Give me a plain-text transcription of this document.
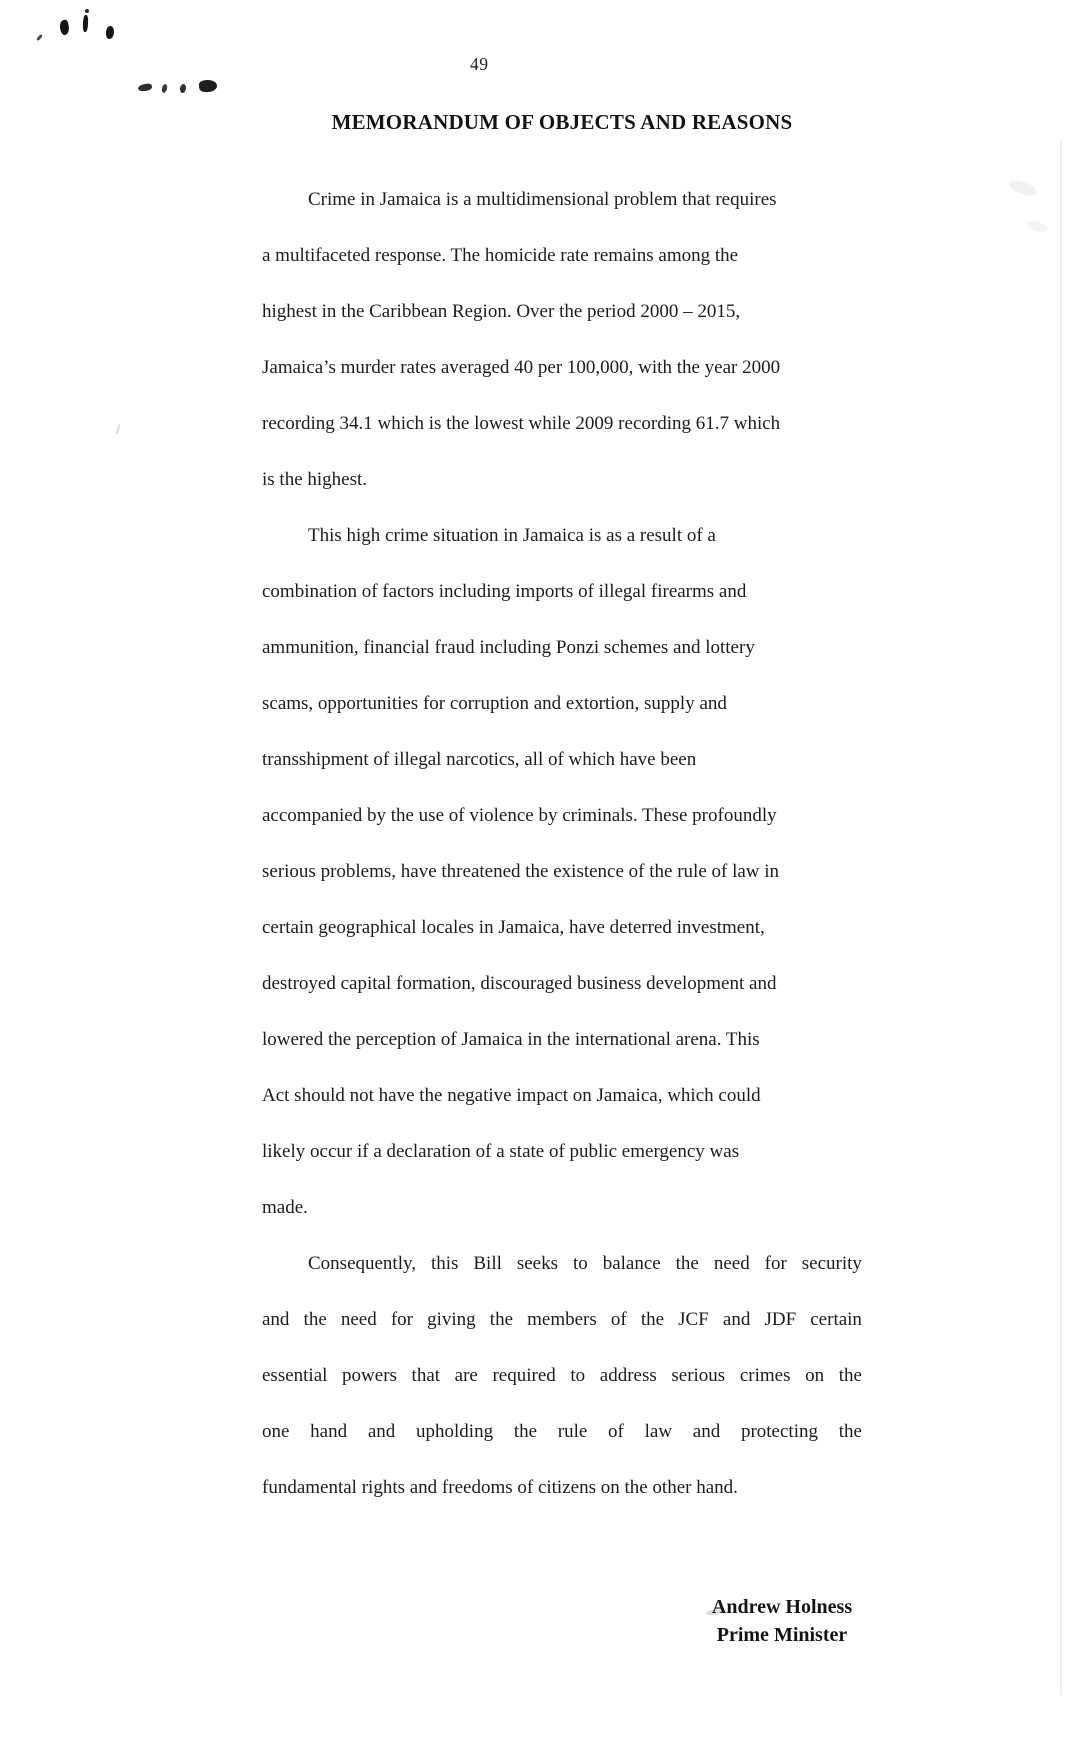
49
MEMORANDUM OF OBJECTS AND REASONS
Crime in Jamaica is a multidimensional problem that requires
a multifaceted response. The homicide rate remains among the
highest in the Caribbean Region. Over the period 2000 – 2015,
Jamaica’s murder rates averaged 40 per 100,000, with the year 2000
recording 34.1 which is the lowest while 2009 recording 61.7 which
is the highest.
This high crime situation in Jamaica is as a result of a
combination of factors including imports of illegal firearms and
ammunition, financial fraud including Ponzi schemes and lottery
scams, opportunities for corruption and extortion, supply and
transshipment of illegal narcotics, all of which have been
accompanied by the use of violence by criminals. These profoundly
serious problems, have threatened the existence of the rule of law in
certain geographical locales in Jamaica, have deterred investment,
destroyed capital formation, discouraged business development and
lowered the perception of Jamaica in the international arena. This
Act should not have the negative impact on Jamaica, which could
likely occur if a declaration of a state of public emergency was
made.
Consequently, this Bill seeks to balance the need for security
and the need for giving the members of the JCF and JDF certain
essential powers that are required to address serious crimes on the
one hand and upholding the rule of law and protecting the
fundamental rights and freedoms of citizens on the other hand.
Andrew Holness
Prime Minister
